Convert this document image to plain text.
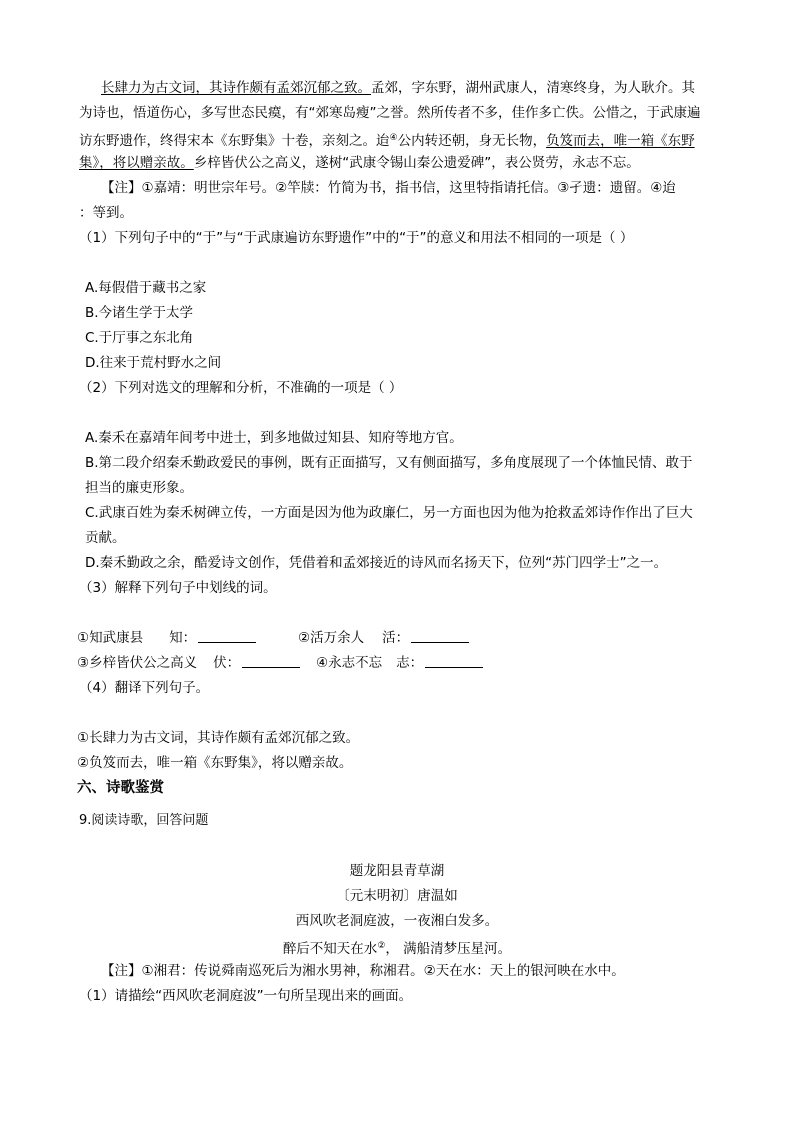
长肆力为古文词，其诗作颇有孟郊沉郁之致。孟郊，字东野，湖州武康人，清寒终身，为人耿介。其
为诗也，悟道伤心，多写世态民瘼，有“郊寒岛瘦”之誉。然所传者不多，佳作多亡佚。公惜之，于武康遍
访东野遗作，终得宋本《东野集》十卷，亲刻之。迨④公内转还朝，身无长物，负笈而去，唯一箱《东野
集》，将以赠亲故。乡梓皆伏公之高义，遂树“武康令锡山秦公遗爱碑”，表公贤劳，永志不忘。
【注】①嘉靖：明世宗年号。②竿牍：竹简为书，指书信，这里特指请托信。③孑遗：遗留。④迨
：等到。
（1）下列句子中的“于”与“于武康遍访东野遗作”中的“于”的意义和用法不相同的一项是（ ）
A.每假借于藏书之家
B.今诸生学于太学
C.于厅事之东北角
D.往来于荒村野水之间
（2）下列对选文的理解和分析，不准确的一项是（ ）
A.秦禾在嘉靖年间考中进士，到多地做过知县、知府等地方官。
B.第二段介绍秦禾勤政爱民的事例，既有正面描写，又有侧面描写，多角度展现了一个体恤民情、敢于
担当的廉吏形象。
C.武康百姓为秦禾树碑立传，一方面是因为他为政廉仁，另一方面也因为他为抢救孟郊诗作作出了巨大
贡献。
D.秦禾勤政之余，酷爱诗文创作，凭借着和孟郊接近的诗风而名扬天下，位列“苏门四学士”之一。
（3）解释下列句子中划线的词。
①知武康县 知：	②活万余人 活：
③乡梓皆伏公之高义 伏：	④永志不忘 志：
（4）翻译下列句子。
①长肆力为古文词，其诗作颇有孟郊沉郁之致。
②负笈而去，唯一箱《东野集》，将以赠亲故。
六、诗歌鉴赏
9.阅读诗歌，回答问题
题龙阳县青草湖
〔元末明初〕唐温如
西风吹老洞庭波，一夜湘白发多。
醉后不知天在水②， 满船清梦压星河。
【注】①湘君：传说舜南巡死后为湘水男神，称湘君。②天在水：天上的银河映在水中。
（1）请描绘“西风吹老洞庭波”一句所呈现出来的画面。
